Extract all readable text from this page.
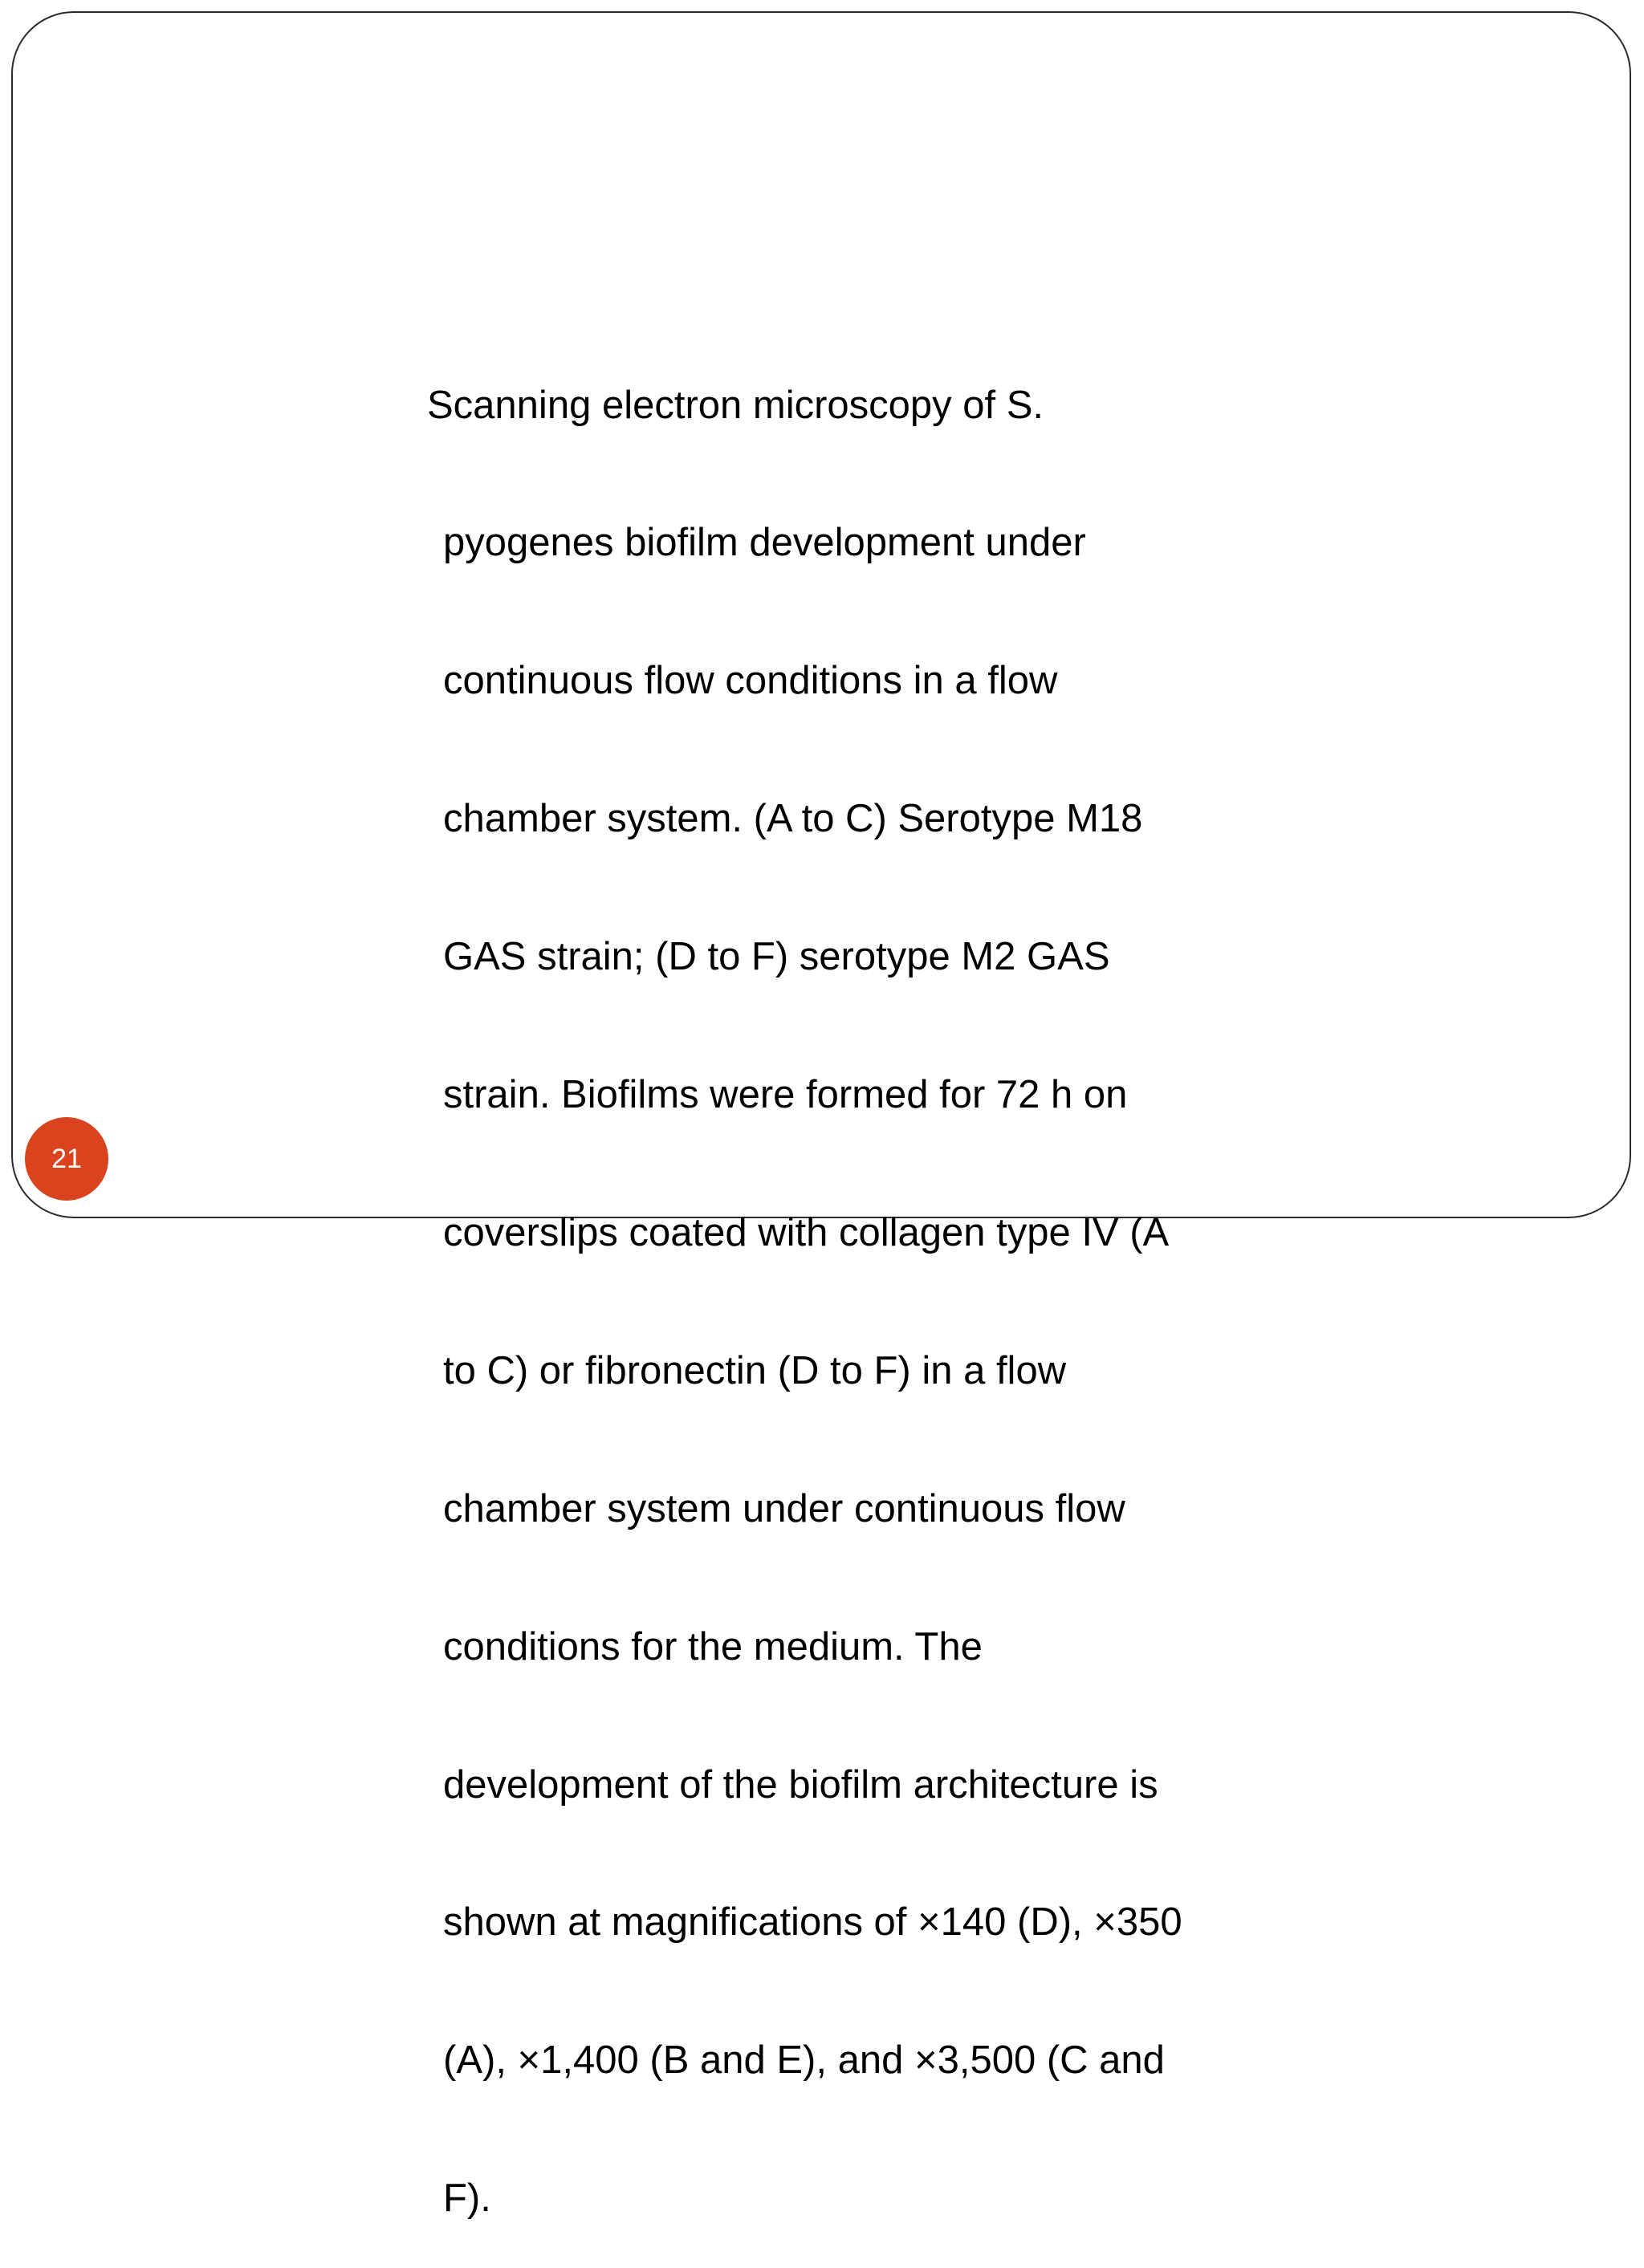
Scanning electron microscopy of S.

pyogenes biofilm development under

continuous flow conditions in a flow

chamber system. (A to C) Serotype M18

GAS strain; (D to F) serotype M2 GAS

strain. Biofilms were formed for 72 h on

coverslips coated with collagen type IV (A

to C) or fibronectin (D to F) in a flow

chamber system under continuous flow

conditions for the medium. The

development of the biofilm architecture is

shown at magnifications of ×140 (D), ×350

(A), ×1,400 (B and E), and ×3,500 (C and

F).

21
